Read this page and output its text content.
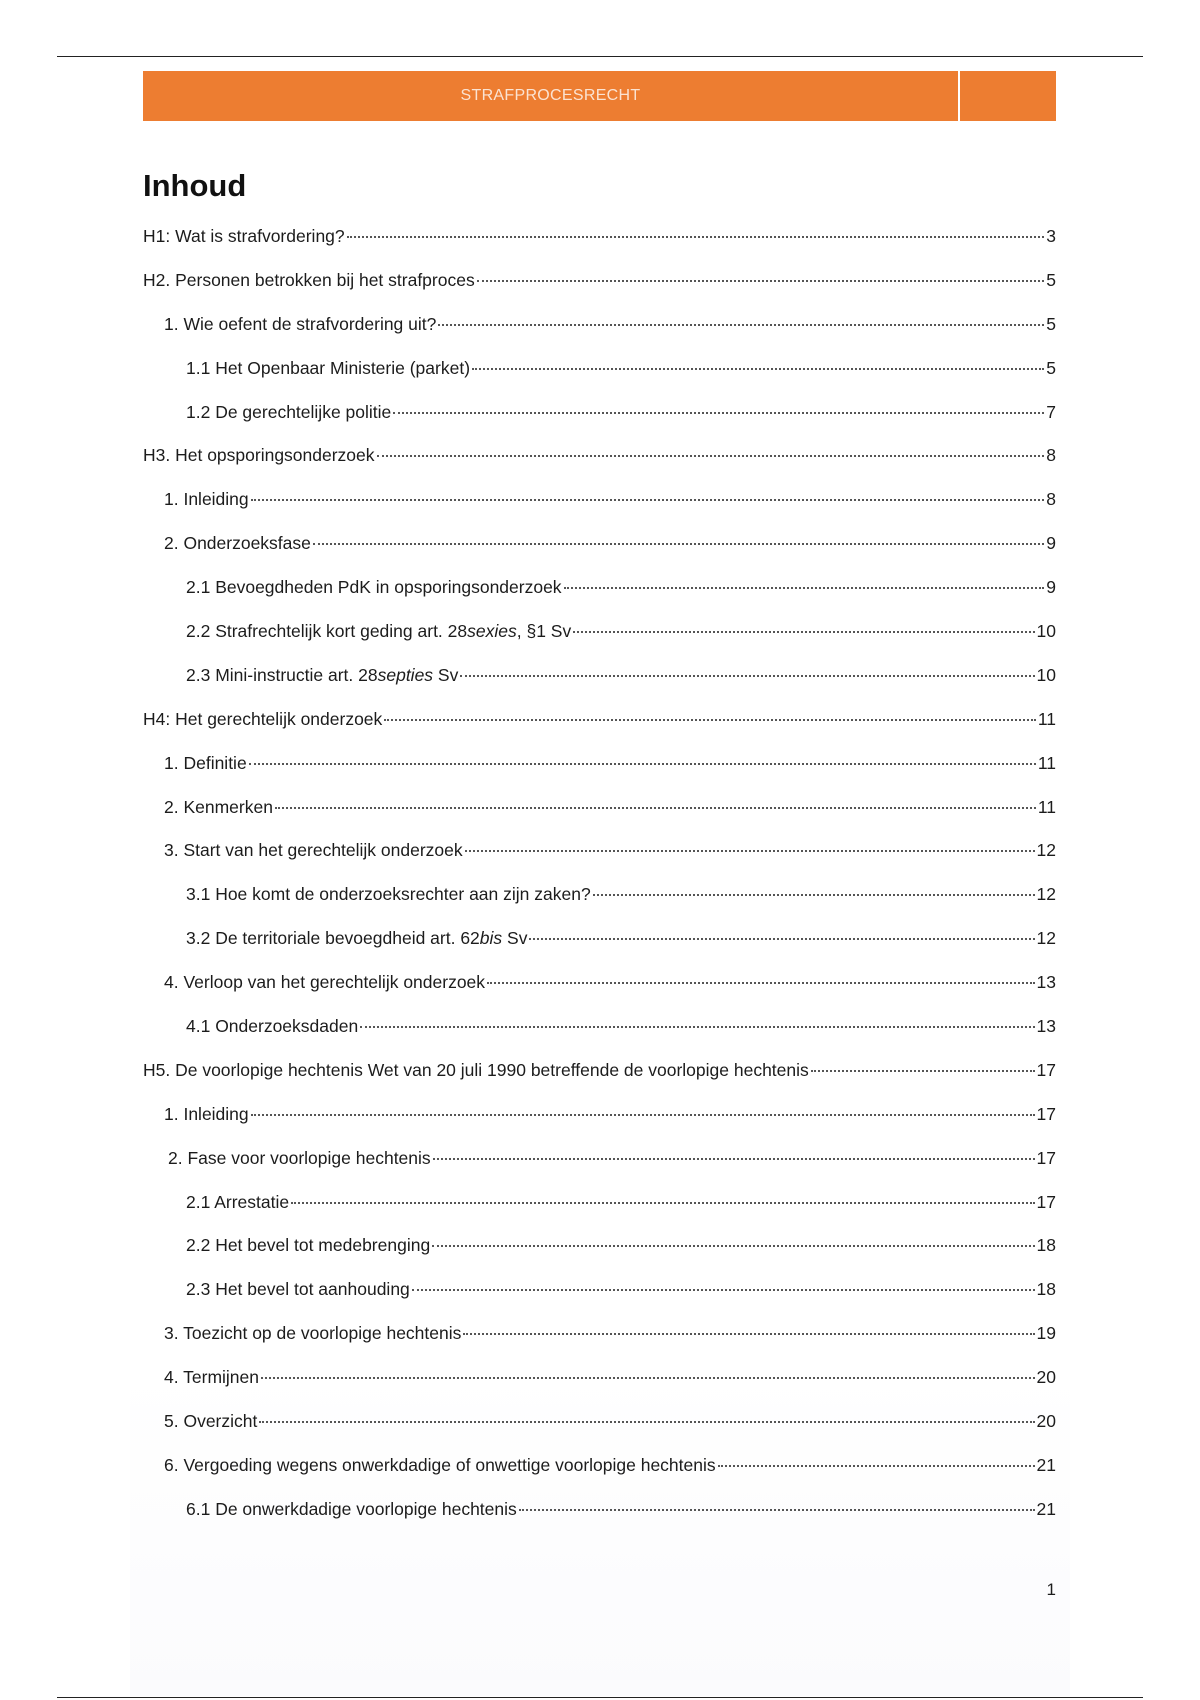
STRAFPROCESRECHT
Inhoud
H1: Wat is strafvordering?	3
H2. Personen betrokken bij het strafproces	5
1. Wie oefent de strafvordering uit?	5
1.1 Het Openbaar Ministerie (parket)	5
1.2 De gerechtelijke politie	7
H3. Het opsporingsonderzoek	8
1. Inleiding	8
2. Onderzoeksfase	9
2.1 Bevoegdheden PdK in opsporingsonderzoek	9
2.2 Strafrechtelijk kort geding art. 28sexies, §1 Sv	10
2.3 Mini-instructie art. 28septies Sv	10
H4: Het gerechtelijk onderzoek	11
1. Definitie	11
2. Kenmerken	11
3. Start van het gerechtelijk onderzoek	12
3.1 Hoe komt de onderzoeksrechter aan zijn zaken?	12
3.2 De territoriale bevoegdheid art. 62bis Sv	12
4. Verloop van het gerechtelijk onderzoek	13
4.1 Onderzoeksdaden	13
H5. De voorlopige hechtenis Wet van 20 juli 1990 betreffende de voorlopige hechtenis	17
1. Inleiding	17
2. Fase voor voorlopige hechtenis	17
2.1 Arrestatie	17
2.2 Het bevel tot medebrenging	18
2.3 Het bevel tot aanhouding	18
3. Toezicht op de voorlopige hechtenis	19
4. Termijnen	20
5. Overzicht	20
6. Vergoeding wegens onwerkdadige of onwettige voorlopige hechtenis	21
6.1 De onwerkdadige voorlopige hechtenis	21
1
